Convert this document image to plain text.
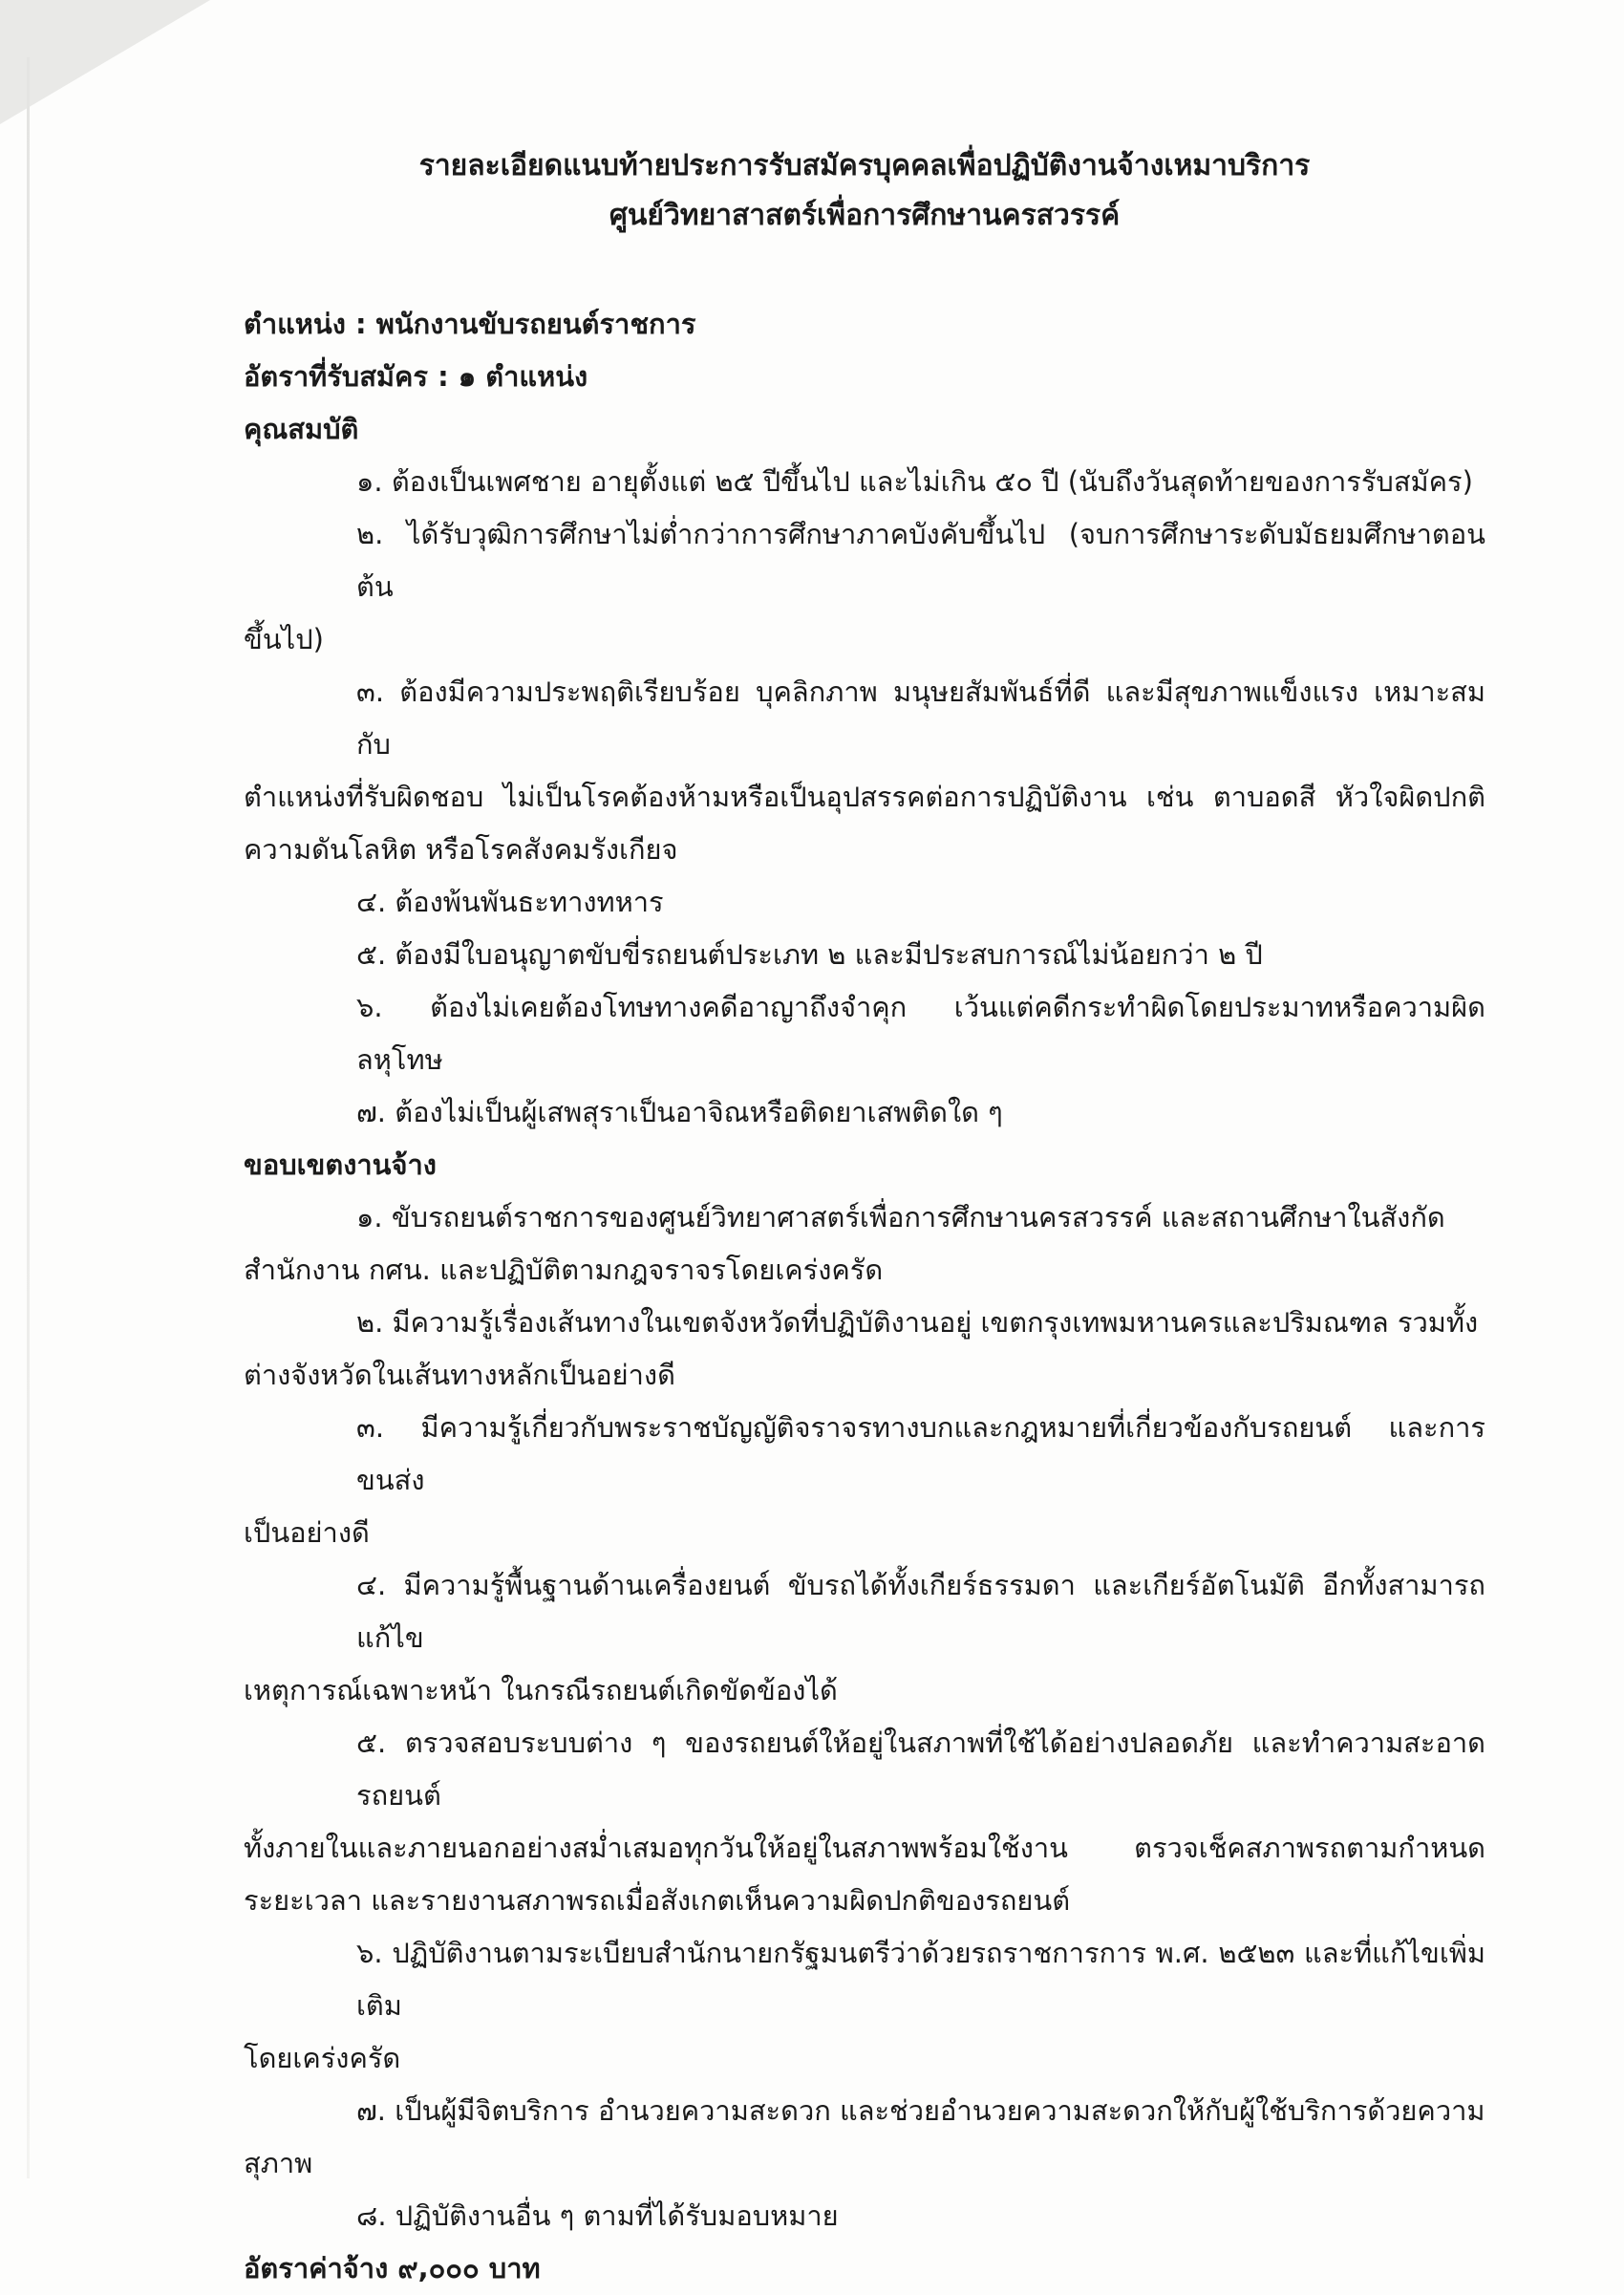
รายละเอียดแนบท้ายประการรับสมัครบุคคลเพื่อปฏิบัติงานจ้างเหมาบริการ

ศูนย์วิทยาสาสตร์เพื่อการศึกษานครสวรรค์

ตำแหน่ง : พนักงานขับรถยนต์ราชการ

อัตราที่รับสมัคร : ๑ ตำแหน่ง

คุณสมบัติ

๑. ต้องเป็นเพศชาย อายุตั้งแต่ ๒๕ ปีขึ้นไป และไม่เกิน ๕๐ ปี (นับถึงวันสุดท้ายของการรับสมัคร)

๒. ได้รับวุฒิการศึกษาไม่ต่ำกว่าการศึกษาภาคบังคับขึ้นไป (จบการศึกษาระดับมัธยมศึกษาตอนต้น
ขึ้นไป)

๓. ต้องมีความประพฤติเรียบร้อย บุคลิกภาพ มนุษยสัมพันธ์ที่ดี และมีสุขภาพแข็งแรง เหมาะสมกับ
ตำแหน่งที่รับผิดชอบ ไม่เป็นโรคต้องห้ามหรือเป็นอุปสรรคต่อการปฏิบัติงาน เช่น ตาบอดสี หัวใจผิดปกติ ความดันโลหิต หรือโรคสังคมรังเกียจ

๔. ต้องพ้นพันธะทางทหาร

๕. ต้องมีใบอนุญาตขับขี่รถยนต์ประเภท ๒ และมีประสบการณ์ไม่น้อยกว่า ๒ ปี

๖. ต้องไม่เคยต้องโทษทางคดีอาญาถึงจำคุก เว้นแต่คดีกระทำผิดโดยประมาทหรือความผิดลหุโทษ

๗. ต้องไม่เป็นผู้เสพสุราเป็นอาจิณหรือติดยาเสพติดใด ๆ

ขอบเขตงานจ้าง

๑. ขับรถยนต์ราชการของศูนย์วิทยาศาสตร์เพื่อการศึกษานครสวรรค์ และสถานศึกษาในสังกัด
สำนักงาน กศน. และปฏิบัติตามกฎจราจรโดยเคร่งครัด

๒. มีความรู้เรื่องเส้นทางในเขตจังหวัดที่ปฏิบัติงานอยู่ เขตกรุงเทพมหานครและปริมณฑล รวมทั้ง
ต่างจังหวัดในเส้นทางหลักเป็นอย่างดี

๓. มีความรู้เกี่ยวกับพระราชบัญญัติจราจรทางบกและกฎหมายที่เกี่ยวข้องกับรถยนต์ และการขนส่ง
เป็นอย่างดี

๔. มีความรู้พื้นฐานด้านเครื่องยนต์ ขับรถได้ทั้งเกียร์ธรรมดา และเกียร์อัตโนมัติ อีกทั้งสามารถแก้ไข
เหตุการณ์เฉพาะหน้า ในกรณีรถยนต์เกิดขัดข้องได้

๕. ตรวจสอบระบบต่าง ๆ ของรถยนต์ให้อยู่ในสภาพที่ใช้ได้อย่างปลอดภัย และทำความสะอาดรถยนต์
ทั้งภายในและภายนอกอย่างสม่ำเสมอทุกวันให้อยู่ในสภาพพร้อมใช้งาน ตรวจเช็คสภาพรถตามกำหนดระยะเวลา และรายงานสภาพรถเมื่อสังเกตเห็นความผิดปกติของรถยนต์

๖. ปฏิบัติงานตามระเบียบสำนักนายกรัฐมนตรีว่าด้วยรถราชการการ พ.ศ. ๒๕๒๓ และที่แก้ไขเพิ่มเติม
โดยเคร่งครัด

๗. เป็นผู้มีจิตบริการ อำนวยความสะดวก และช่วยอำนวยความสะดวกให้กับผู้ใช้บริการด้วยความ
สุภาพ

๘. ปฏิบัติงานอื่น ๆ ตามที่ได้รับมอบหมาย

อัตราค่าจ้าง ๙,๐๐๐ บาท
